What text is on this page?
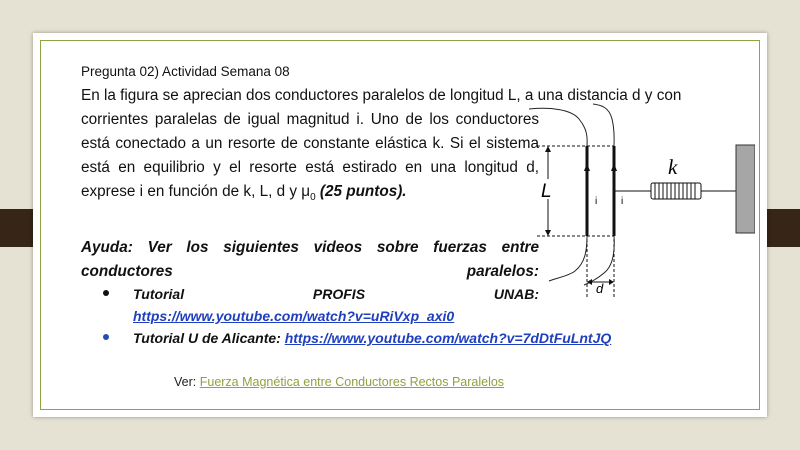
Pregunta 02) Actividad Semana 08
En la figura se aprecian dos conductores paralelos de longitud L, a una distancia d y con
corrientes paralelas de igual magnitud i. Uno de los conductores
está conectado a un resorte de constante elástica k. Si el sistema
está en equilibrio y el resorte está estirado en una longitud d,
exprese i en función de k, L, d y $\mu_0$ (25 puntos).
Ayuda: Ver los siguientes videos sobre fuerzas entre conductores paralelos:
Tutorial	PROFIS	UNAB:
https://www.youtube.com/watch?v=uRiVxp_axi0
Tutorial U de Alicante: https://www.youtube.com/watch?v=7dDtFuLntJQ
i i
L
d
k
Ver: Fuerza Magnética entre Conductores Rectos Paralelos
